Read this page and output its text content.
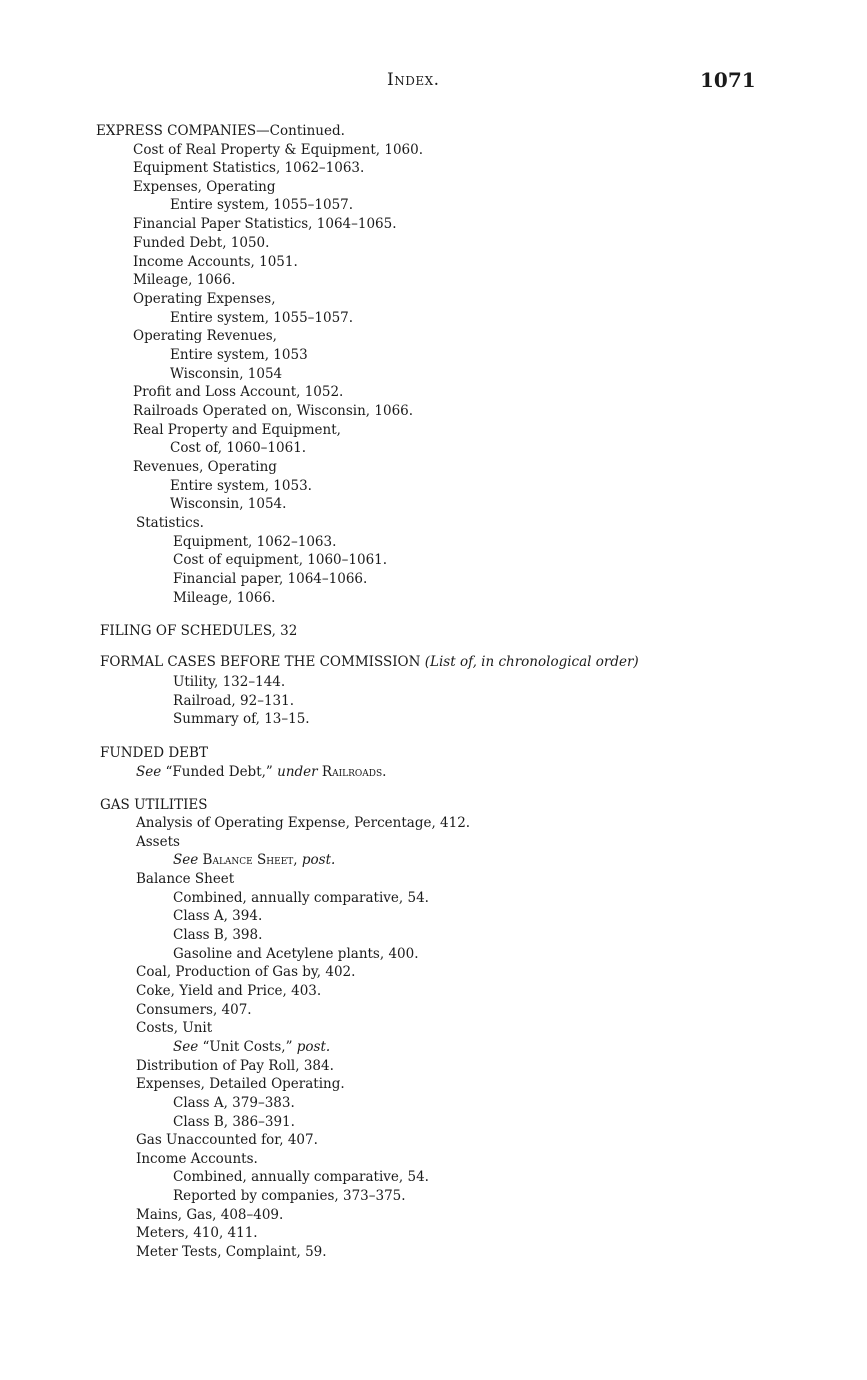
Index.	1071
EXPRESS COMPANIES—Continued.
Cost of Real Property & Equipment, 1060.
Equipment Statistics, 1062–1063.
Expenses, Operating
Entire system, 1055–1057.
Financial Paper Statistics, 1064–1065.
Funded Debt, 1050.
Income Accounts, 1051.
Mileage, 1066.
Operating Expenses,
Entire system, 1055–1057.
Operating Revenues,
Entire system, 1053
Wisconsin, 1054
Profit and Loss Account, 1052.
Railroads Operated on, Wisconsin, 1066.
Real Property and Equipment,
Cost of, 1060–1061.
Revenues, Operating
Entire system, 1053.
Wisconsin, 1054.
Statistics.
Equipment, 1062–1063.
Cost of equipment, 1060–1061.
Financial paper, 1064–1066.
Mileage, 1066.
FILING OF SCHEDULES, 32
FORMAL CASES BEFORE THE COMMISSION (List of, in chronological order)
Utility, 132–144.
Railroad, 92–131.
Summary of, 13–15.
FUNDED DEBT
See “Funded Debt,” under Railroads.
GAS UTILITIES
Analysis of Operating Expense, Percentage, 412.
Assets
See Balance Sheet, post.
Balance Sheet
Combined, annually comparative, 54.
Class A, 394.
Class B, 398.
Gasoline and Acetylene plants, 400.
Coal, Production of Gas by, 402.
Coke, Yield and Price, 403.
Consumers, 407.
Costs, Unit
See “Unit Costs,” post.
Distribution of Pay Roll, 384.
Expenses, Detailed Operating.
Class A, 379–383.
Class B, 386–391.
Gas Unaccounted for, 407.
Income Accounts.
Combined, annually comparative, 54.
Reported by companies, 373–375.
Mains, Gas, 408–409.
Meters, 410, 411.
Meter Tests, Complaint, 59.
